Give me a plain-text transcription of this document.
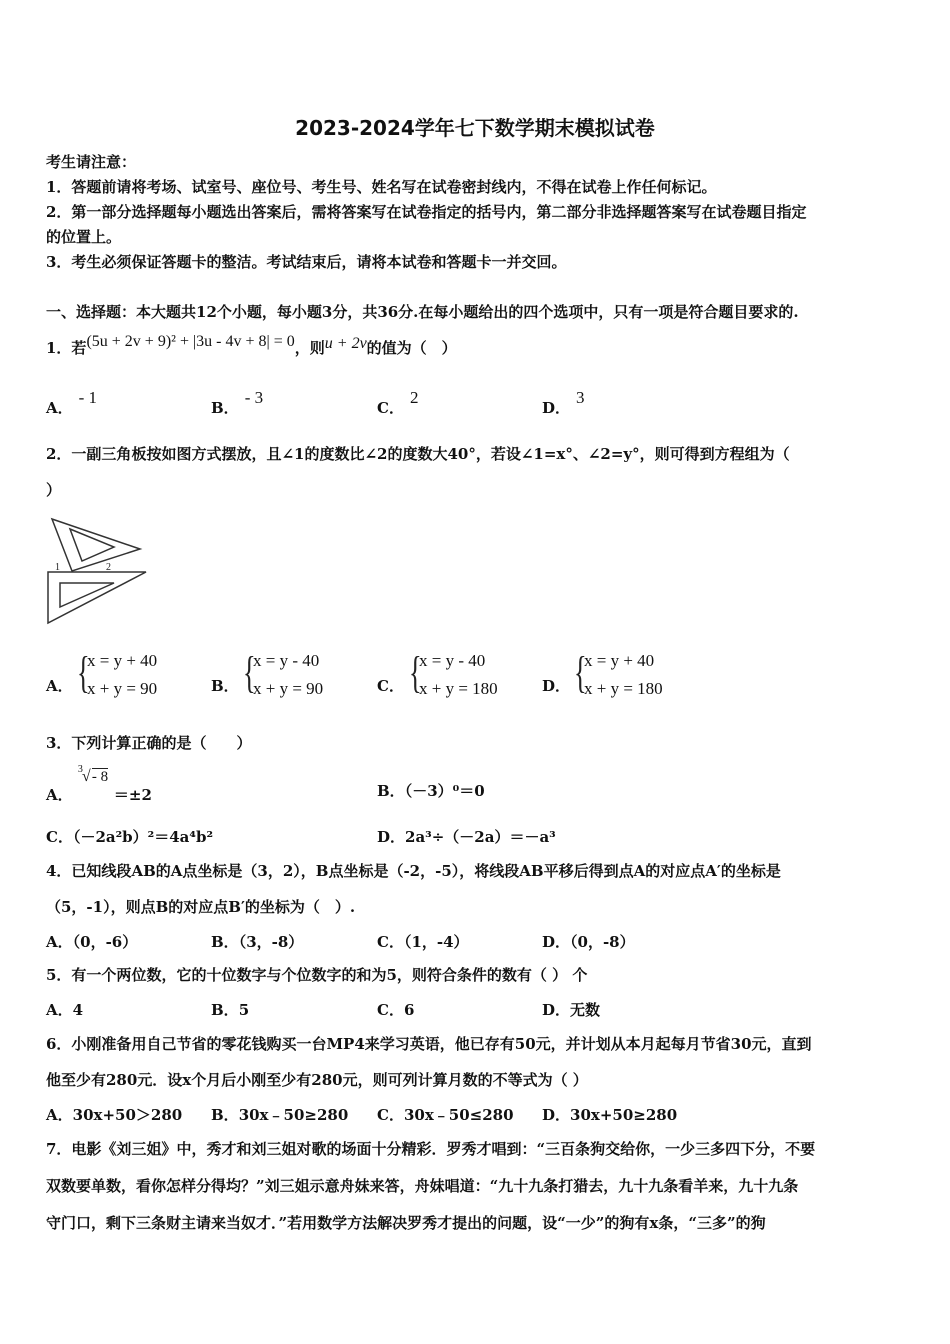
2023-2024学年七下数学期末模拟试卷
考生请注意：
1．答题前请将考场、试室号、座位号、考生号、姓名写在试卷密封线内，不得在试卷上作任何标记。
2．第一部分选择题每小题选出答案后，需将答案写在试卷指定的括号内，第二部分非选择题答案写在试卷题目指定
的位置上。
3．考生必须保证答题卡的整洁。考试结束后，请将本试卷和答题卡一并交回。
一、选择题：本大题共12个小题，每小题3分，共36分.在每小题给出的四个选项中，只有一项是符合题目要求的.
1．若(5u + 2v + 9)² + |3u - 4v + 8| = 0，则u + 2v的值为（　）
A．- 1
B．- 3
C．2
D．3
2．一副三角板按如图方式摆放，且∠1的度数比∠2的度数大40°，若设∠1=x°、∠2=y°，则可得到方程组为（
）
1	2
A． {
x = y + 40
x + y = 90	B． {
x = y - 40
x + y = 90	C． {
x = y - 40
x + y = 180	D． {
x = y + 40
x + y = 180
3．下列计算正确的是（　　）
A．
3 √ - 8
＝±2	B．（－3）⁰＝0
C．（－2a²b）²＝4a⁴b²	D．2a³÷（－2a）＝－a³
4．已知线段AB的A点坐标是（3，2），B点坐标是（-2，-5），将线段AB平移后得到点A的对应点A′的坐标是
（5，-1），则点B的对应点B′的坐标为（　）.
A．（0，-6）	B．（3，-8）	C．（1，-4）	D．（0，-8）
5．有一个两位数，它的十位数字与个位数字的和为5，则符合条件的数有（ ） 个
A．4	B．5	C．6	D．无数
6．小刚准备用自己节省的零花钱购买一台MP4来学习英语，他已存有50元，并计划从本月起每月节省30元，直到
他至少有280元．设x个月后小刚至少有280元，则可列计算月数的不等式为（ ）
A．30x+50＞280 B．30x﹣50≥280 C．30x﹣50≤280 D．30x+50≥280
7．电影《刘三姐》中，秀才和刘三姐对歌的场面十分精彩．罗秀才唱到：“三百条狗交给你，一少三多四下分，不要
双数要单数，看你怎样分得均？”刘三姐示意舟妹来答，舟妹唱道：“九十九条打猎去，九十九条看羊来，九十九条
守门口，剩下三条财主请来当奴才．”若用数学方法解决罗秀才提出的问题，设“一少”的狗有x条，“三多”的狗
